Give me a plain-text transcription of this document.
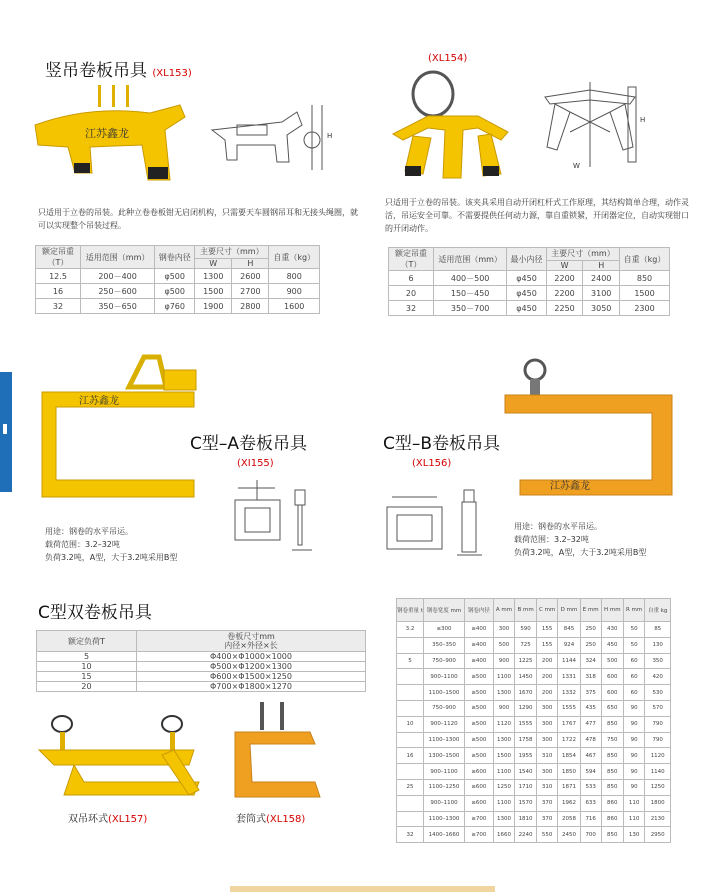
竖吊卷板吊具 (XL153)
江苏鑫龙	H
只适用于立卷的吊装。此种立卷卷板钳无启闭机构，只需要天车圆钢吊耳和无接头绳圈，就可以实现整个吊装过程。
额定吊重（T）	适用范围（mm）	钢卷内径	主要尺寸（mm）		自重（kg）
			W	H	
12.5	200－400	φ500	1300	2600	800
16	250－600	φ500	1500	2700	900
32	350－650	φ760	1900	2800	1600
(XL154)
H
W
只适用于立卷的吊装。该夹具采用自动开闭杠杆式工作原理，其结构简单合理，动作灵活，吊运安全可靠。不需要提供任何动力源，靠自重锁紧，开闭器定位，自动实现钳口的开闭动作。
额定吊重（T）	适用范围（mm）	最小内径	主要尺寸（mm）		自重（kg）
			W	H	
6	400－500	φ450	2200	2400	850
20	150－450	φ450	2200	3100	1500
32	350－700	φ450	2250	3050	2300
江苏鑫龙
C型–A卷板吊具
(XI155)
用途：钢卷的水平吊运。
载荷范围：3.2–32吨
负荷3.2吨，A型，大于3.2吨采用B型
C型–B卷板吊具
(XL156)
江苏鑫龙
用途：钢卷的水平吊运。
载荷范围：3.2–32吨
负荷3.2吨，A型，大于3.2吨采用B型
C型双卷板吊具
额定负荷T	卷板尺寸mm
内径×外径×长

5	Φ400×Φ1000×1000
10	Φ500×Φ1200×1300
15	Φ600×Φ1500×1250
20	Φ700×Φ1800×1270
双吊环式(XL157)	套筒式(XL158)
钢卷重量 t	钢卷宽度 mm	钢卷内径	A mm	B mm	C mm	D mm	E mm	H mm	R mm	自重 kg
3.2	≤300	≥400	300	590	155	845	250	430	50	85
	350–350	≥400	500	725	155	924	250	450	50	130
5	750–900	≥400	900	1225	200	1144	324	500	60	350
	900–1100	≥500	1100	1450	200	1331	318	600	60	420
	1100–1500	≥500	1300	1670	200	1332	375	600	60	530
	750–900	≥500	900	1290	300	1555	435	650	90	570
10	900–1120	≥500	1120	1555	300	1767	477	850	90	790
	1100–1300	≥500	1300	1758	300	1722	478	750	90	790
16	1300–1500	≥500	1500	1955	310	1854	467	850	90	1120
	900–1100	≥600	1100	1540	300	1850	594	850	90	1140
25	1100–1250	≥600	1250	1710	310	1871	533	850	90	1250
	900–1100	≥600	1100	1570	370	1962	633	860	110	1800
	1100–1300	≥700	1300	1810	370	2058	716	860	110	2130
32	1400–1660	≥700	1660	2240	550	2450	700	850	130	2950
